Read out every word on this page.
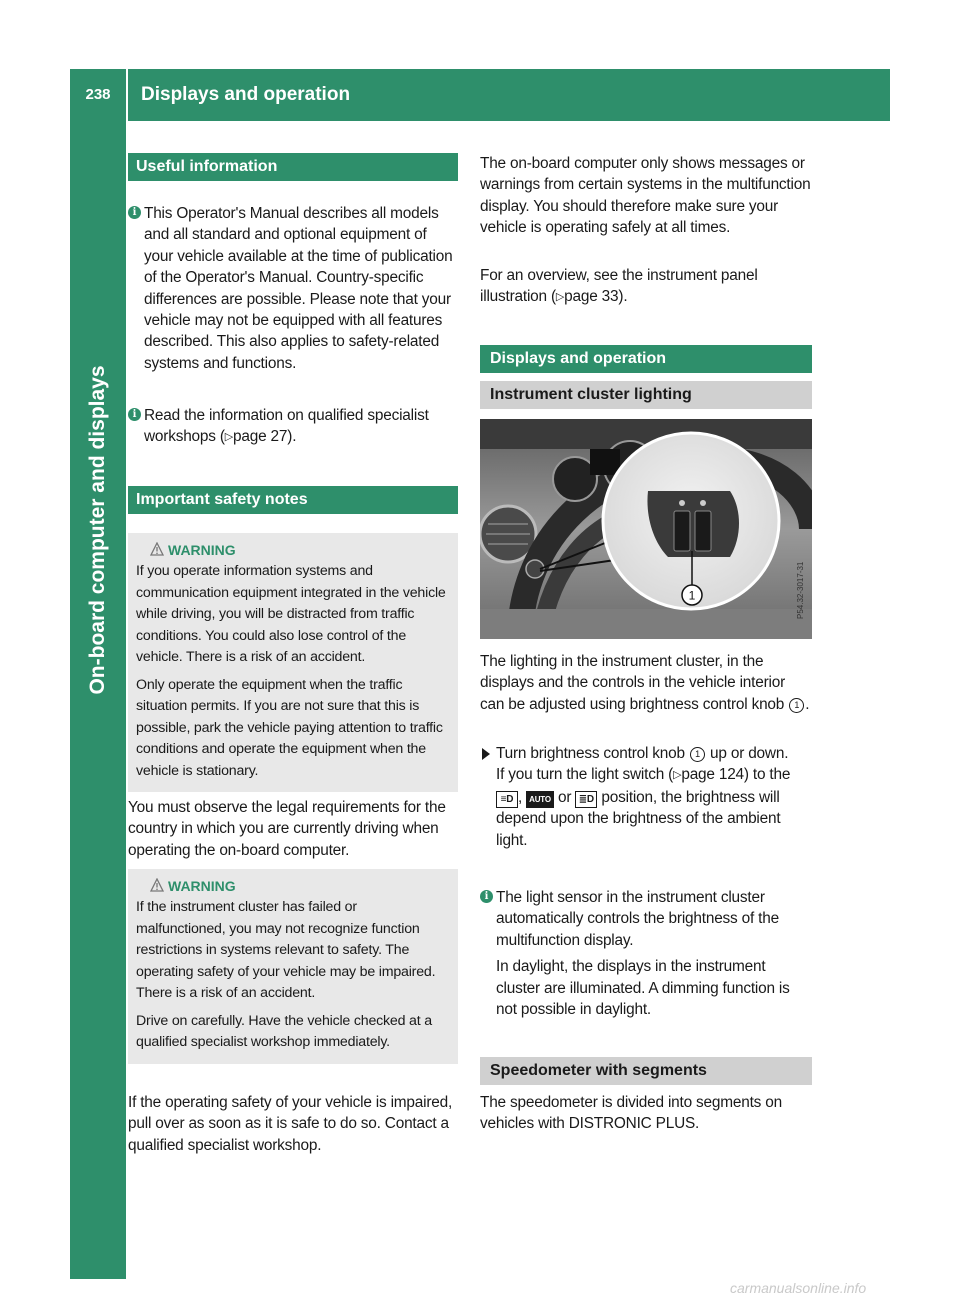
238	Displays and operation
On-board computer and displays
Useful information
i This Operator's Manual describes all models and all standard and optional equipment of your vehicle available at the time of publication of the Operator's Manual. Country-specific differences are possible. Please note that your vehicle may not be equipped with all features described. This also applies to safety-related systems and functions.

i Read the information on qualified specialist workshops (▷page 27).

Important safety notes
WARNING

If you operate information systems and communication equipment integrated in the vehicle while driving, you will be distracted from traffic conditions. You could also lose control of the vehicle. There is a risk of an accident.

Only operate the equipment when the traffic situation permits. If you are not sure that this is possible, park the vehicle paying attention to traffic conditions and operate the equipment when the vehicle is stationary.

You must observe the legal requirements for the country in which you are currently driving when operating the on-board computer.

WARNING

If the instrument cluster has failed or malfunctioned, you may not recognize function restrictions in systems relevant to safety. The operating safety of your vehicle may be impaired. There is a risk of an accident.

Drive on carefully. Have the vehicle checked at a qualified specialist workshop immediately.

If the operating safety of your vehicle is impaired, pull over as soon as it is safe to do so. Contact a qualified specialist workshop.

The on-board computer only shows messages or warnings from certain systems in the multifunction display. You should therefore make sure your vehicle is operating safely at all times.

For an overview, see the instrument panel illustration (▷page 33).

Displays and operation
Instrument cluster lighting
1	P54.32-3017-31

The lighting in the instrument cluster, in the displays and the controls in the vehicle interior can be adjusted using brightness control knob 1 .

Turn brightness control knob 1 up or down.

If you turn the light switch (▷page 124) to the ≡D , AUTO or ≣D position, the brightness will depend upon the brightness of the ambient light.

i The light sensor in the instrument cluster automatically controls the brightness of the multifunction display.

In daylight, the displays in the instrument cluster are illuminated. A dimming function is not possible in daylight.

Speedometer with segments

The speedometer is divided into segments on vehicles with DISTRONIC PLUS.

carmanualsonline.info
